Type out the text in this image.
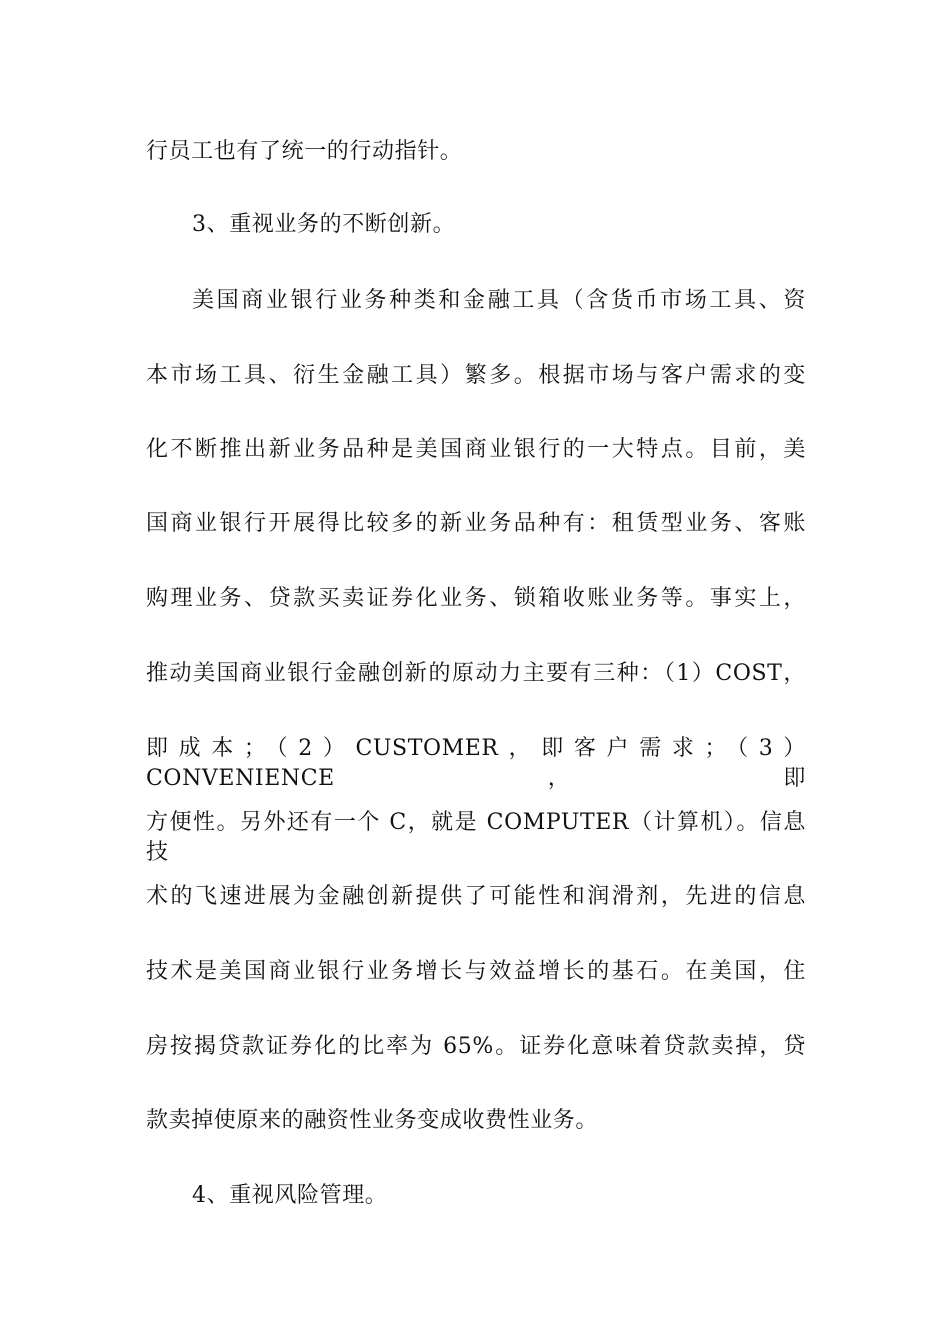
行员工也有了统一的行动指针。
3、重视业务的不断创新。
美国商业银行业务种类和金融工具（含货币市场工具、资
本市场工具、衍生金融工具）繁多。根据市场与客户需求的变
化不断推出新业务品种是美国商业银行的一大特点。目前，美
国商业银行开展得比较多的新业务品种有：租赁型业务、客账
购理业务、贷款买卖证券化业务、锁箱收账业务等。事实上，
推动美国商业银行金融创新的原动力主要有三种：（1）COST，
即成本；（2）CUSTOMER，即客户需求；（3）CONVENIENCE，即
方便性。另外还有一个 C，就是 COMPUTER（计算机）。信息技
术的飞速进展为金融创新提供了可能性和润滑剂，先进的信息
技术是美国商业银行业务增长与效益增长的基石。在美国，住
房按揭贷款证券化的比率为 65%。证券化意味着贷款卖掉，贷
款卖掉使原来的融资性业务变成收费性业务。
4、重视风险管理。
